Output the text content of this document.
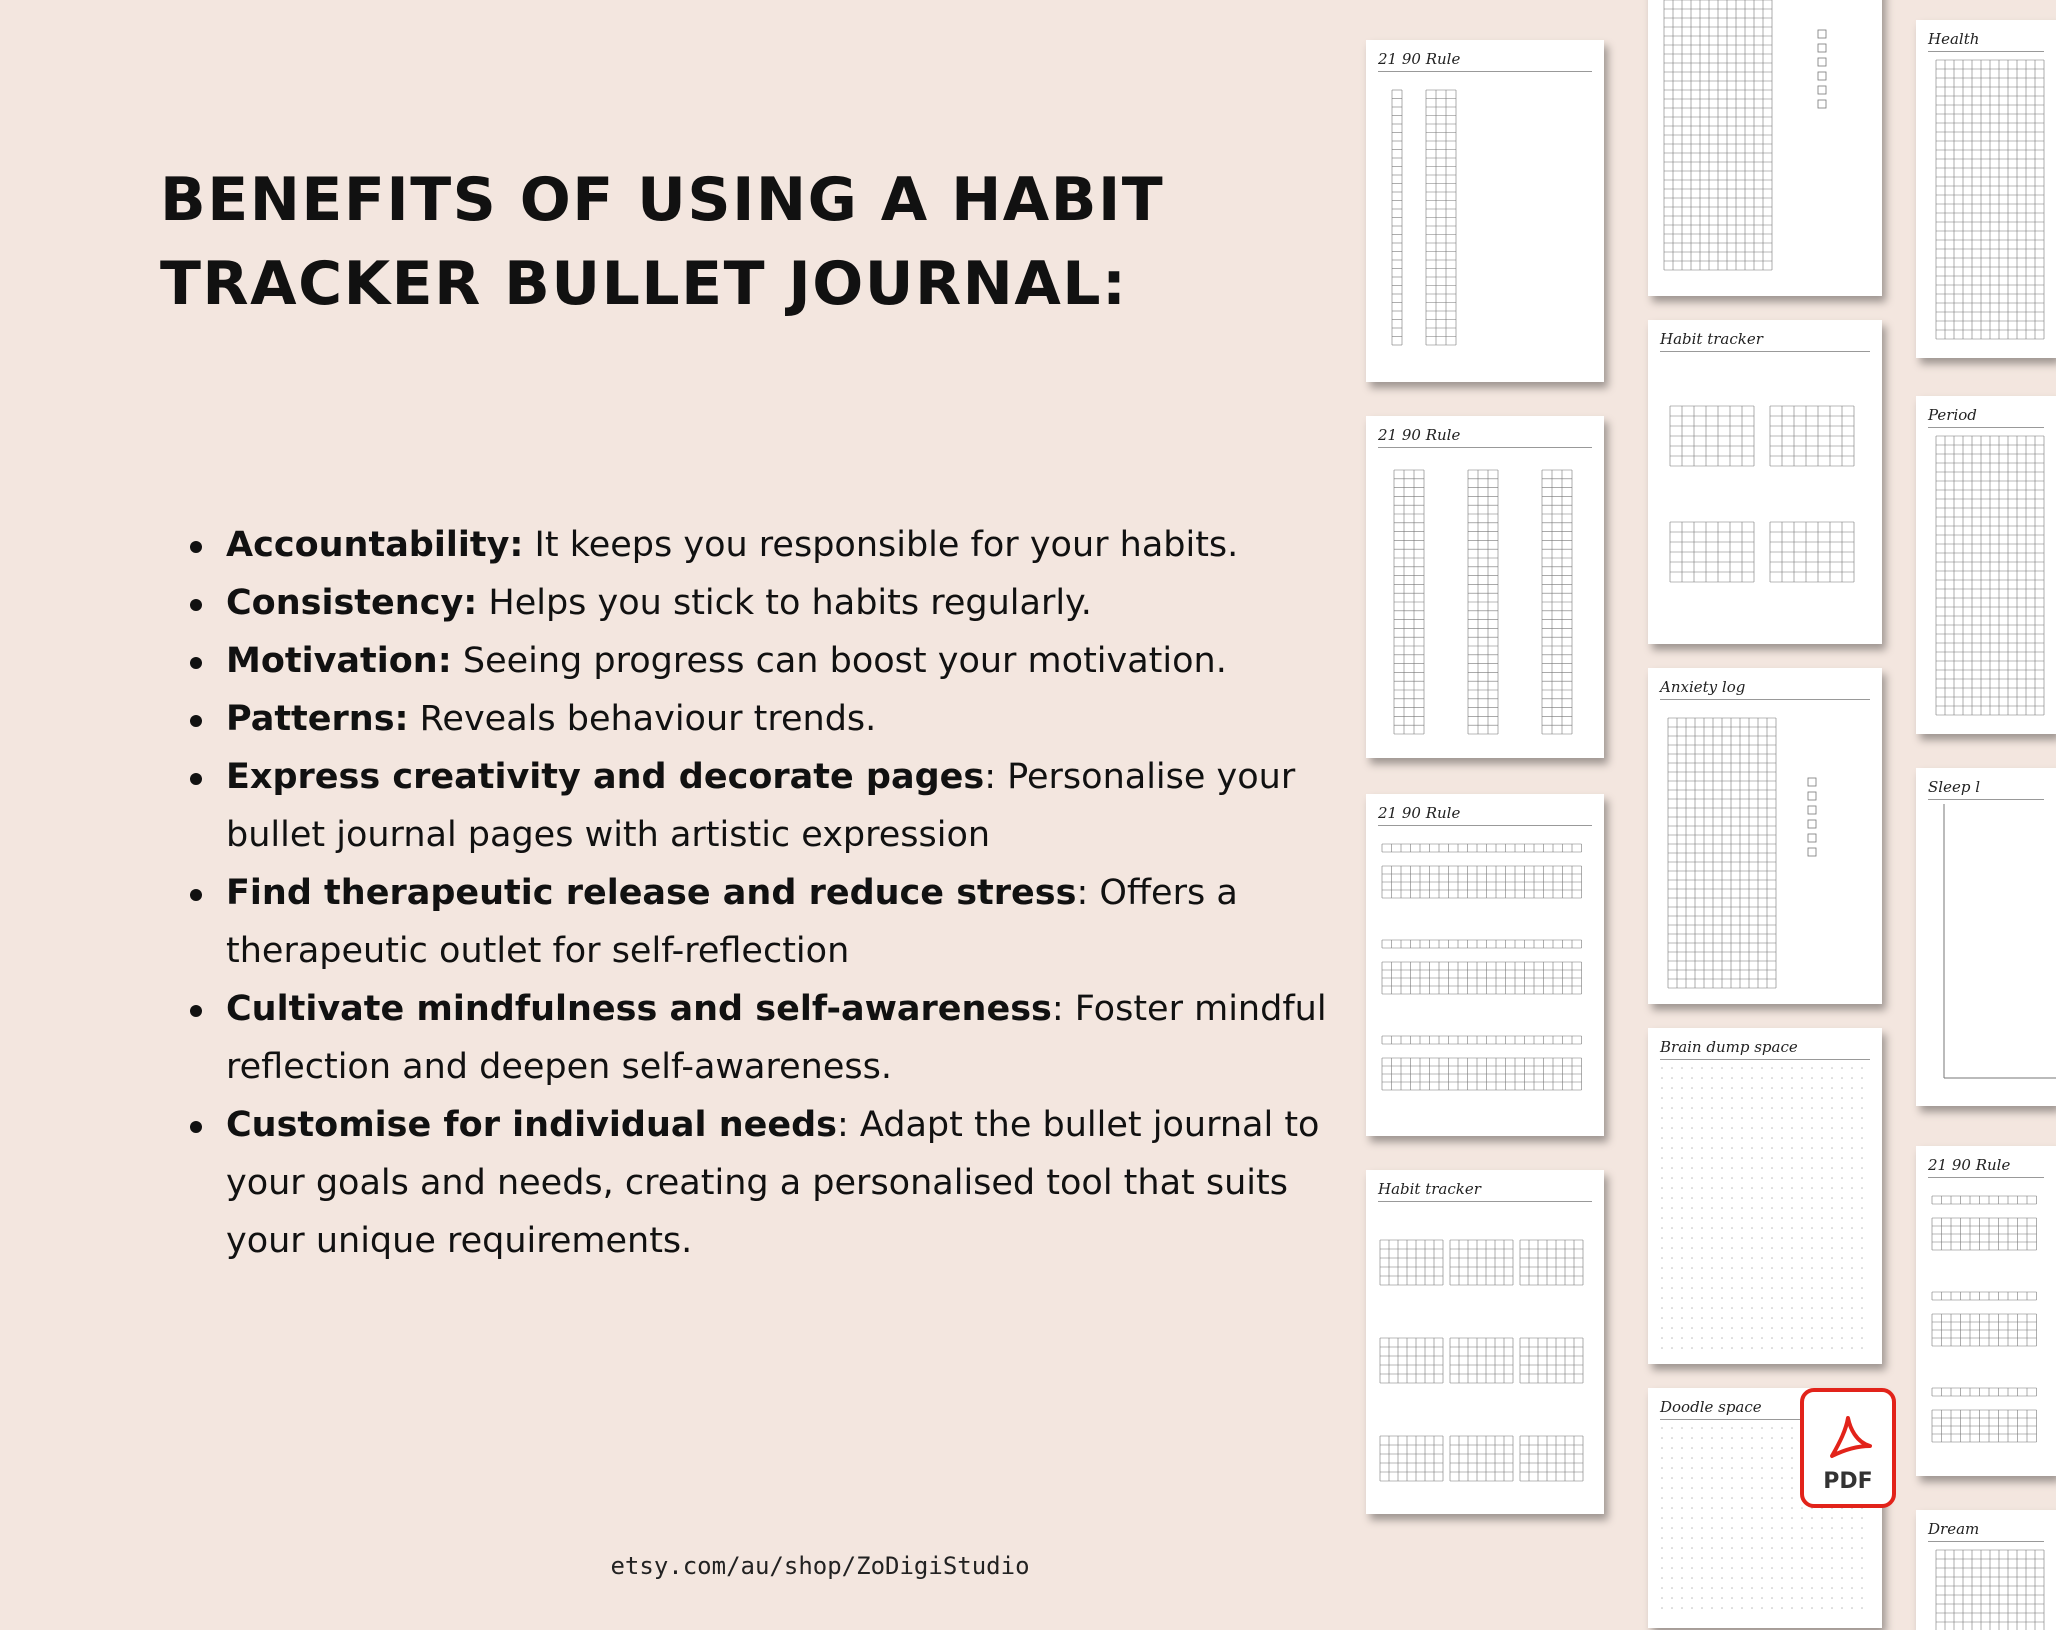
BENEFITS OF USING A HABIT
TRACKER BULLET JOURNAL:
Accountability: It keeps you responsible for your habits.
Consistency: Helps you stick to habits regularly.
Motivation: Seeing progress can boost your motivation.
Patterns: Reveals behaviour trends.
Express creativity and decorate pages: Personalise your bullet journal pages with artistic expression
Find therapeutic release and reduce stress: Offers a therapeutic outlet for self-reflection
Cultivate mindfulness and self-awareness: Foster mindful reflection and deepen self-awareness.
Customise for individual needs: Adapt the bullet journal to your goals and needs, creating a personalised tool that suits your unique requirements.
etsy.com/au/shop/ZoDigiStudio
21 90 Rule
21 90 Rule
21 90 Rule
Habit tracker
Habit tracker
Anxiety log
Brain dump space
Doodle space
Health
Period
Sleep l
21 90 Rule
Dream
PDF
